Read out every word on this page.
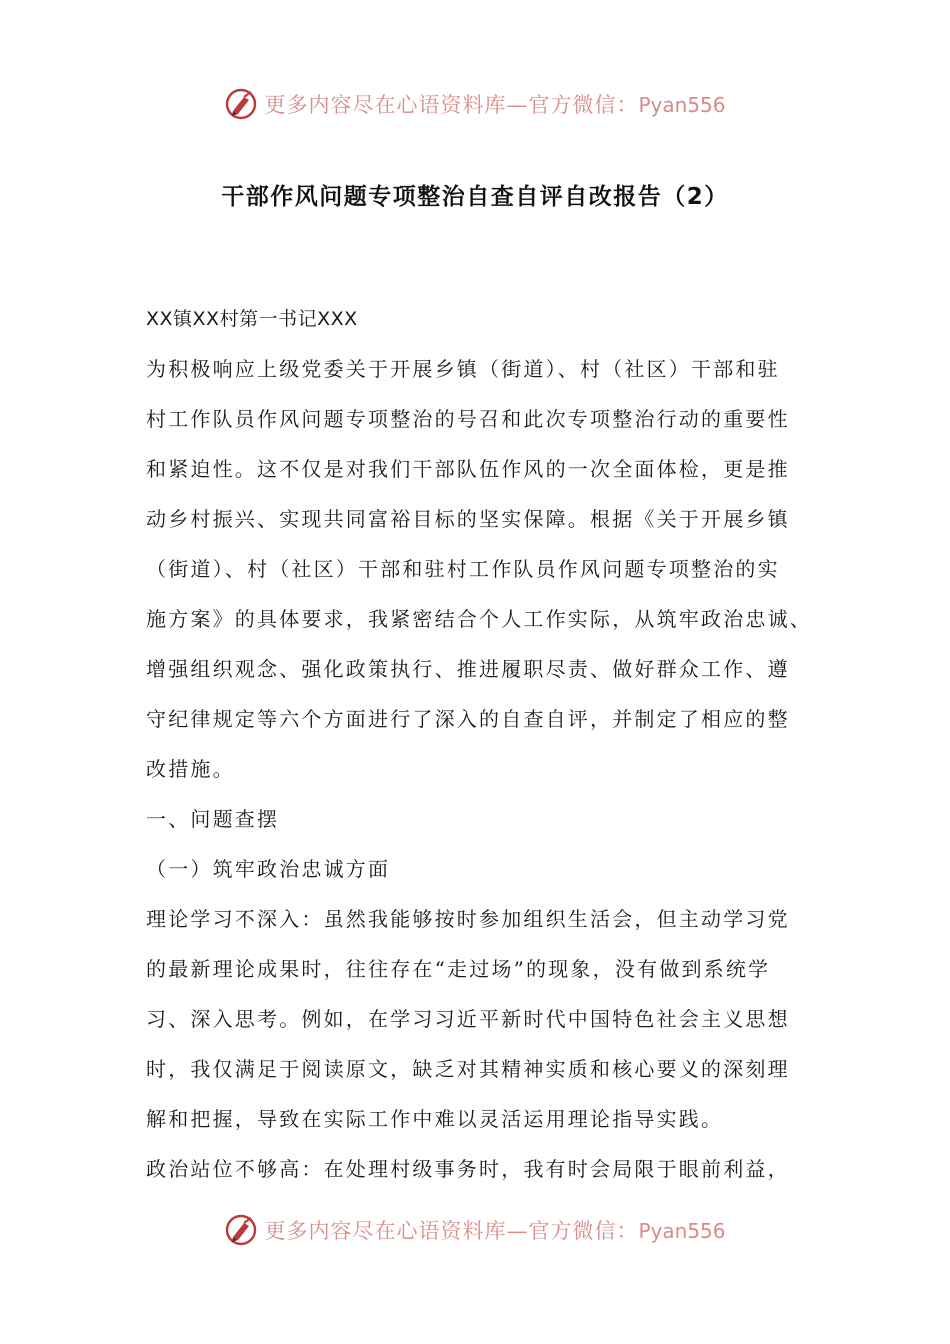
更多内容尽在心语资料库—官方微信：Pyan556
干部作风问题专项整治自查自评自改报告（2）
XX镇XX村第一书记XXX
为积极响应上级党委关于开展乡镇（街道）、村（社区）干部和驻
村工作队员作风问题专项整治的号召和此次专项整治行动的重要性
和紧迫性。这不仅是对我们干部队伍作风的一次全面体检，更是推
动乡村振兴、实现共同富裕目标的坚实保障。根据《关于开展乡镇
（街道）、村（社区）干部和驻村工作队员作风问题专项整治的实
施方案》的具体要求，我紧密结合个人工作实际，从筑牢政治忠诚、
增强组织观念、强化政策执行、推进履职尽责、做好群众工作、遵
守纪律规定等六个方面进行了深入的自查自评，并制定了相应的整
改措施。
一、问题查摆
（一）筑牢政治忠诚方面
理论学习不深入：虽然我能够按时参加组织生活会，但主动学习党
的最新理论成果时，往往存在“走过场”的现象，没有做到系统学
习、深入思考。例如，在学习习近平新时代中国特色社会主义思想
时，我仅满足于阅读原文，缺乏对其精神实质和核心要义的深刻理
解和把握，导致在实际工作中难以灵活运用理论指导实践。
政治站位不够高：在处理村级事务时，我有时会局限于眼前利益，
更多内容尽在心语资料库—官方微信：Pyan556
